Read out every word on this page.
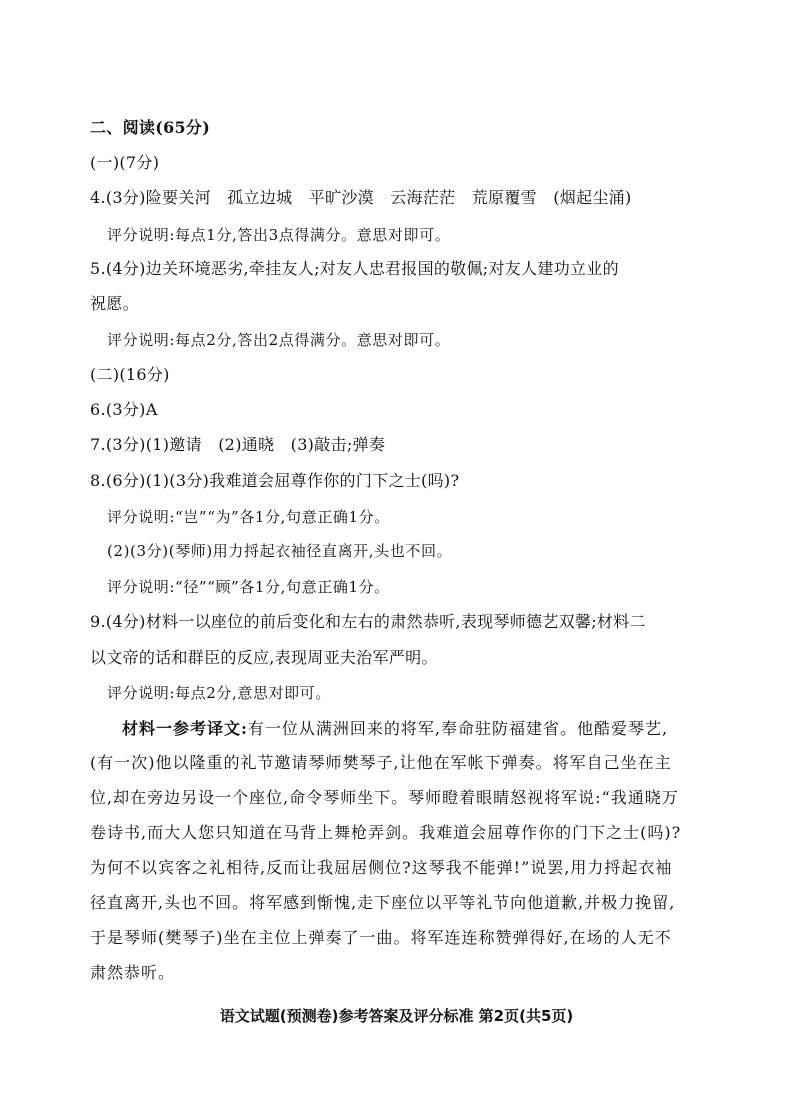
二、阅读(65分)
(一)(7分)
4.(3分)险要关河　孤立边城　平旷沙漠　云海茫茫　荒原覆雪　(烟起尘涌)
评分说明:每点1分,答出3点得满分。意思对即可。
5.(4分)边关环境恶劣,牵挂友人;对友人忠君报国的敬佩;对友人建功立业的
祝愿。
评分说明:每点2分,答出2点得满分。意思对即可。
(二)(16分)
6.(3分)A
7.(3分)(1)邀请　(2)通晓　(3)敲击;弹奏
8.(6分)(1)(3分)我难道会屈尊作你的门下之士(吗)?
评分说明:“岂”“为”各1分,句意正确1分。
(2)(3分)(琴师)用力捋起衣袖径直离开,头也不回。
评分说明:“径”“顾”各1分,句意正确1分。
9.(4分)材料一以座位的前后变化和左右的肃然恭听,表现琴师德艺双馨;材料二
以文帝的话和群臣的反应,表现周亚夫治军严明。
评分说明:每点2分,意思对即可。
材料一参考译文:有一位从满洲回来的将军,奉命驻防福建省。他酷爱琴艺,
(有一次)他以隆重的礼节邀请琴师樊琴子,让他在军帐下弹奏。将军自己坐在主
位,却在旁边另设一个座位,命令琴师坐下。琴师瞪着眼睛怒视将军说:“我通晓万
卷诗书,而大人您只知道在马背上舞枪弄剑。我难道会屈尊作你的门下之士(吗)?
为何不以宾客之礼相待,反而让我屈居侧位?这琴我不能弹!”说罢,用力捋起衣袖
径直离开,头也不回。将军感到惭愧,走下座位以平等礼节向他道歉,并极力挽留,
于是琴师(樊琴子)坐在主位上弹奏了一曲。将军连连称赞弹得好,在场的人无不
肃然恭听。
语文试题(预测卷)参考答案及评分标准 第2页(共5页)
